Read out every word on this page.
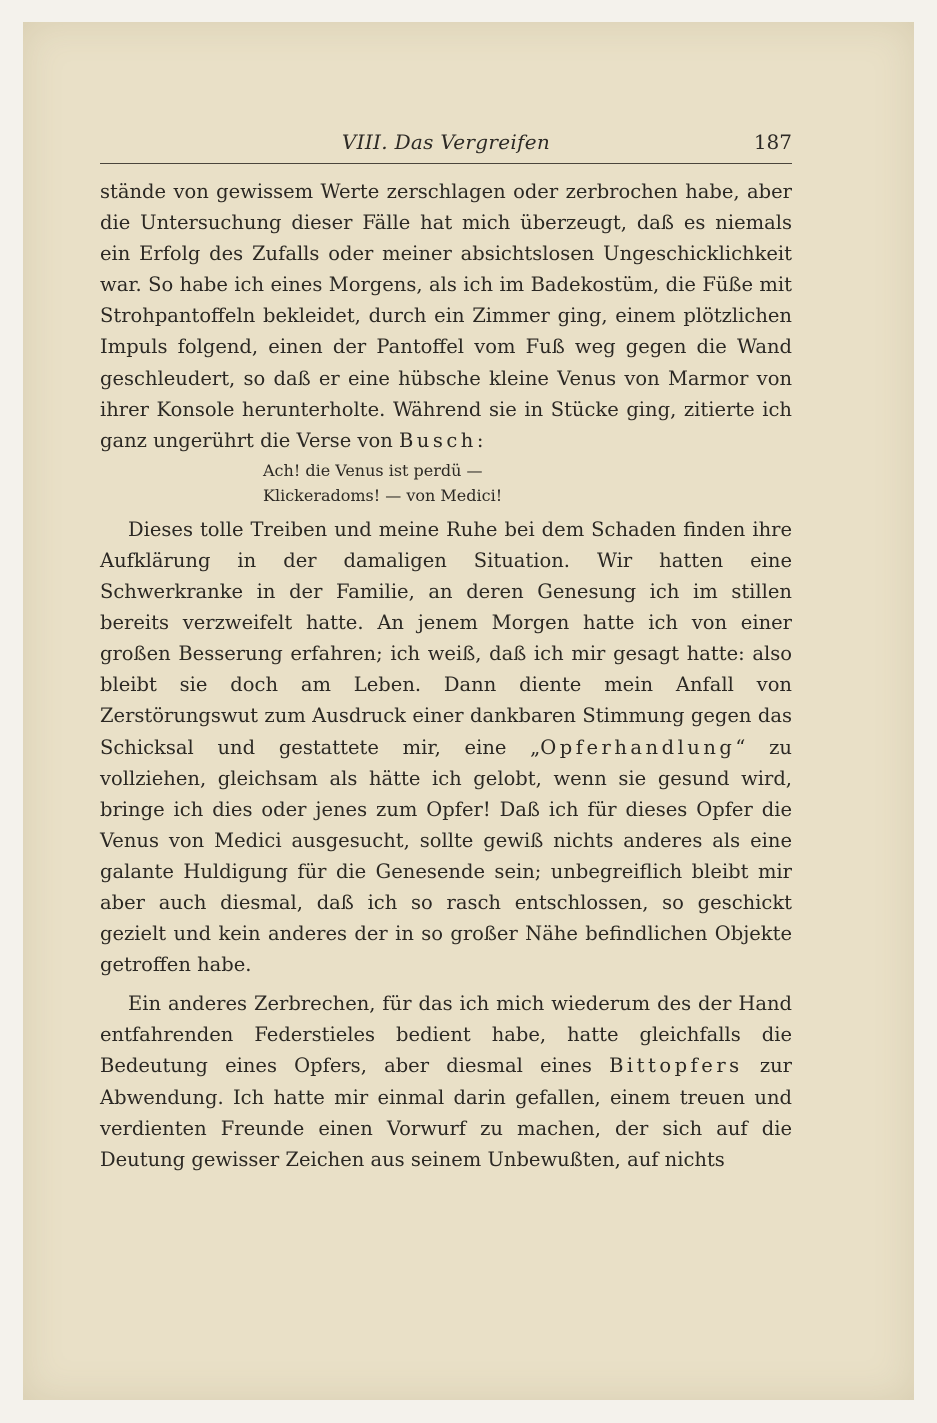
VIII. Das Vergreifen	187

stände von gewissem Werte zerschlagen oder zerbrochen habe, aber die Untersuchung dieser Fälle hat mich überzeugt, daß es niemals ein Erfolg des Zufalls oder meiner absichtslosen Ungeschicklichkeit war. So habe ich eines Morgens, als ich im Badekostüm, die Füße mit Strohpantoffeln bekleidet, durch ein Zimmer ging, einem plötzlichen Impuls folgend, einen der Pantoffel vom Fuß weg gegen die Wand geschleudert, so daß er eine hübsche kleine Venus von Marmor von ihrer Konsole herunterholte. Während sie in Stücke ging, zitierte ich ganz ungerührt die Verse von Busch:

Ach! die Venus ist perdü —
Klickeradoms! — von Medici!

Dieses tolle Treiben und meine Ruhe bei dem Schaden finden ihre Aufklärung in der damaligen Situation. Wir hatten eine Schwerkranke in der Familie, an deren Genesung ich im stillen bereits verzweifelt hatte. An jenem Morgen hatte ich von einer großen Besserung erfahren; ich weiß, daß ich mir gesagt hatte: also bleibt sie doch am Leben. Dann diente mein Anfall von Zerstörungswut zum Ausdruck einer dankbaren Stimmung gegen das Schicksal und gestattete mir, eine „Opferhandlung“ zu vollziehen, gleichsam als hätte ich gelobt, wenn sie gesund wird, bringe ich dies oder jenes zum Opfer! Daß ich für dieses Opfer die Venus von Medici ausgesucht, sollte gewiß nichts anderes als eine galante Huldigung für die Genesende sein; unbegreiflich bleibt mir aber auch diesmal, daß ich so rasch entschlossen, so geschickt gezielt und kein anderes der in so großer Nähe befindlichen Objekte getroffen habe.

Ein anderes Zerbrechen, für das ich mich wiederum des der Hand entfahrenden Federstieles bedient habe, hatte gleichfalls die Bedeutung eines Opfers, aber diesmal eines Bittopfers zur Abwendung. Ich hatte mir einmal darin gefallen, einem treuen und verdienten Freunde einen Vorwurf zu machen, der sich auf die Deutung gewisser Zeichen aus seinem Unbewußten, auf nichts
